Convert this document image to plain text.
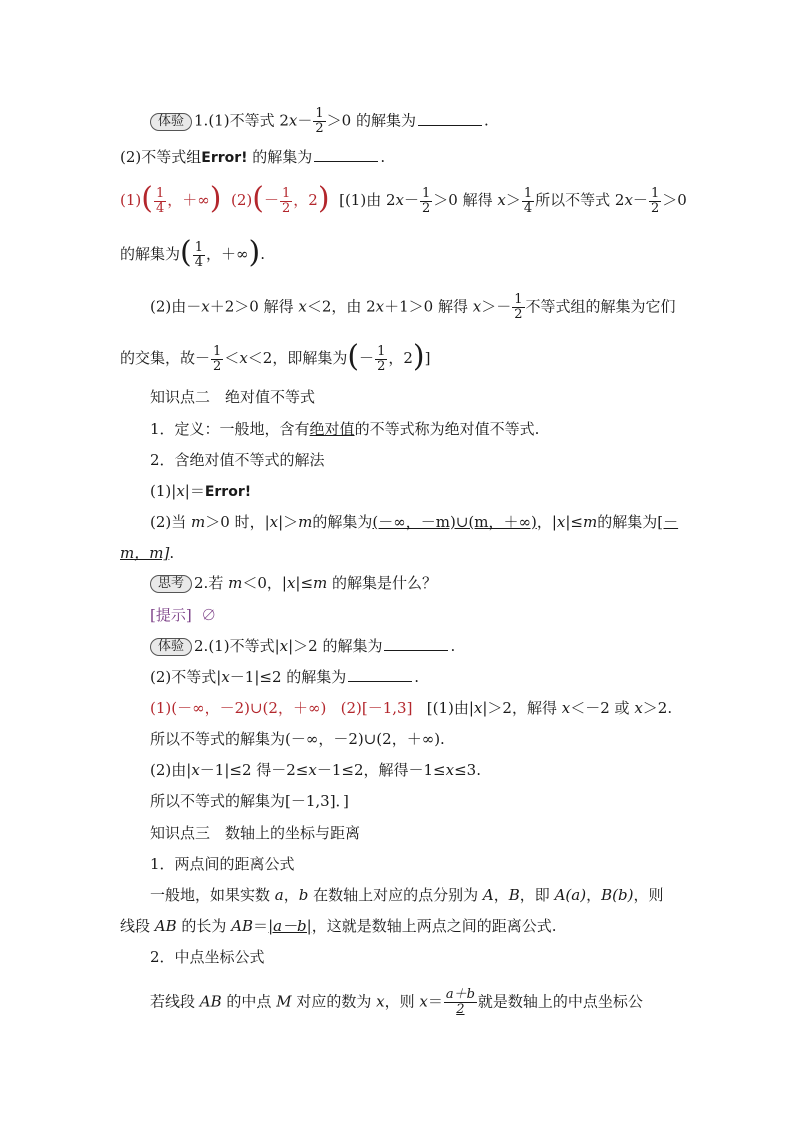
体验 1.(1)不等式 $2x- \frac{1}{2} >0$ 的解集为	.
(2)不等式组Error! 的解集为	.
$(1)( \frac{1}{4}$ ，＋∞) $(2)(- \frac{1}{2}$ ，2) [(1)由 $2x- \frac{1}{2} >0$ 解得 $x> \frac{1}{4}$ 所以不等式 $2x- \frac{1}{2} >0$
的解集为( $\frac{1}{4}$ ，＋∞).
(2)由－x＋2＞0 解得 x＜2，由 2x＋1＞0 解得 $x>- \frac{1}{2}$ 不等式组的解集为它们
的交集，故－ $\frac{1}{2} <x<2$，即解集为(－ $\frac{1}{2}$ ，2)]
知识点二　绝对值不等式
1．定义：一般地，含有绝对值的不等式称为绝对值不等式.
2．含绝对值不等式的解法
(1)|x|＝Error!
(2)当 m＞0 时，|x|＞m的解集为(－∞，－m)∪(m，＋∞)，|x|≤m的解集为[－
m，m].
思考 2.若 m＜0，|x|≤m 的解集是什么？
[提示] ∅
体验 2.(1)不等式|x|＞2 的解集为	.
(2)不等式|x－1|≤2 的解集为	.
(1)(－∞，－2)∪(2，＋∞) (2)[－1,3] [(1)由|x|＞2，解得 x＜－2 或 x＞2.
所以不等式的解集为(－∞，－2)∪(2，＋∞).
(2)由|x－1|≤2 得－2≤x－1≤2，解得－1≤x≤3.
所以不等式的解集为[－1,3]．]
知识点三　数轴上的坐标与距离
1．两点间的距离公式
一般地，如果实数 a，b 在数轴上对应的点分别为 A，B，即 A(a)，B(b)，则
线段 AB 的长为 AB＝|a－b|，这就是数轴上两点之间的距离公式.
2．中点坐标公式
若线段 AB 的中点 M 对应的数为 x，则 $x= \frac{a+b}{2}$ 就是数轴上的中点坐标公
